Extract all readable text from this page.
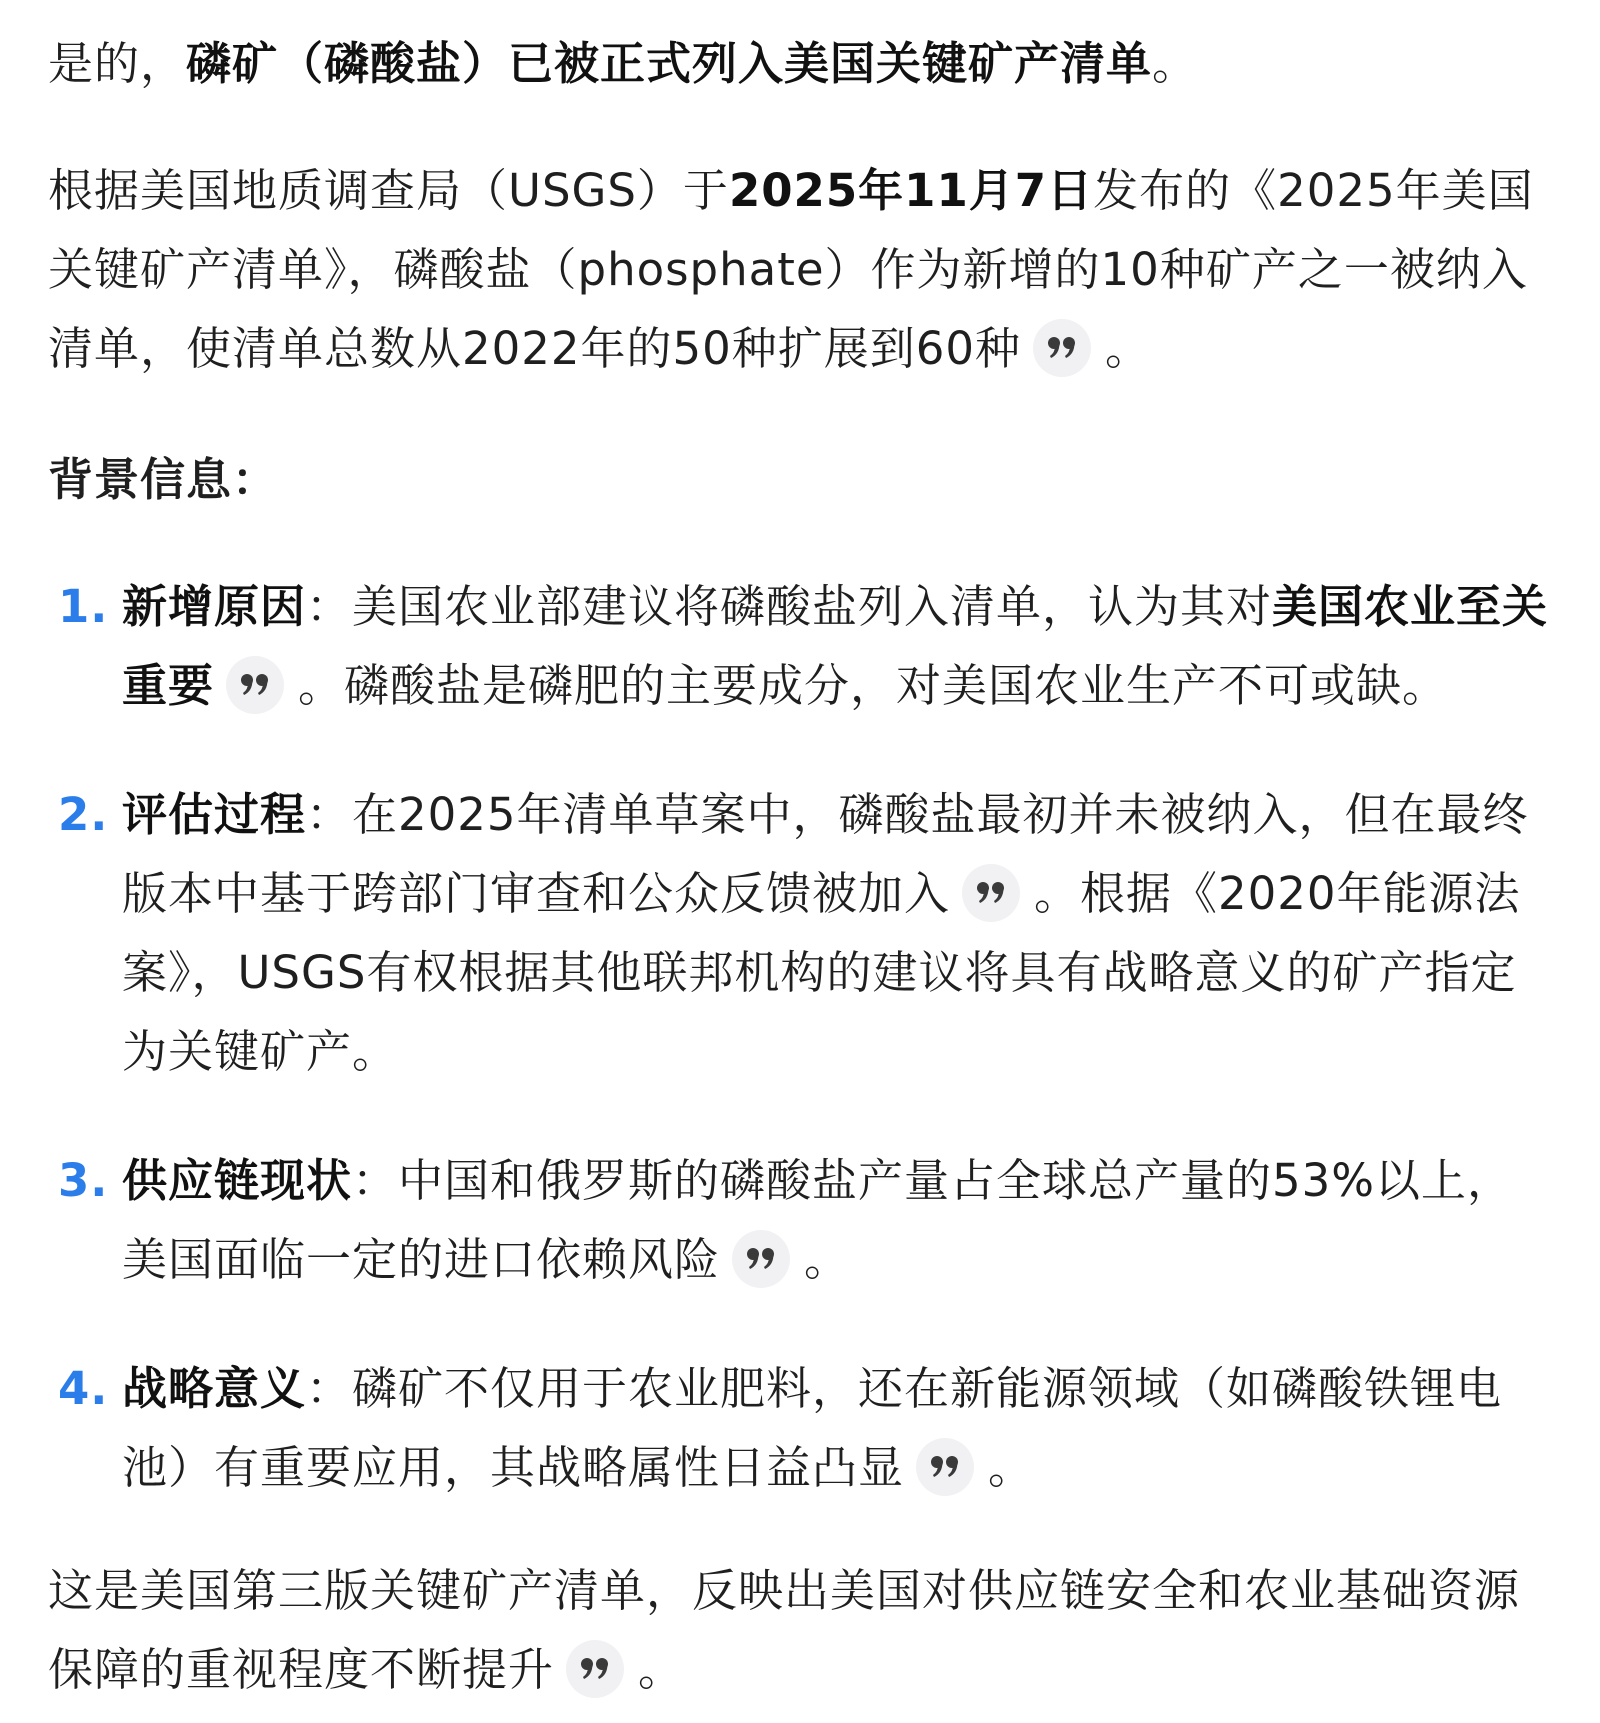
是的，磷矿（磷酸盐）已被正式列入美国关键矿产清单。

根据美国地质调查局（USGS）于2025年11月7日发布的《2025年美国关键矿产清单》，磷酸盐（phosphate）作为新增的10种矿产之一被纳入清单，使清单总数从2022年的50种扩展到60种 。

背景信息：

1. 新增原因：美国农业部建议将磷酸盐列入清单，认为其对美国农业至关重要 。磷酸盐是磷肥的主要成分，对美国农业生产不可或缺。
2. 评估过程：在2025年清单草案中，磷酸盐最初并未被纳入，但在最终版本中基于跨部门审查和公众反馈被加入 。根据《2020年能源法案》，USGS有权根据其他联邦机构的建议将具有战略意义的矿产指定为关键矿产。
3. 供应链现状：中国和俄罗斯的磷酸盐产量占全球总产量的53%以上，美国面临一定的进口依赖风险 。
4. 战略意义：磷矿不仅用于农业肥料，还在新能源领域（如磷酸铁锂电池）有重要应用，其战略属性日益凸显 。

这是美国第三版关键矿产清单，反映出美国对供应链安全和农业基础资源保障的重视程度不断提升 。
